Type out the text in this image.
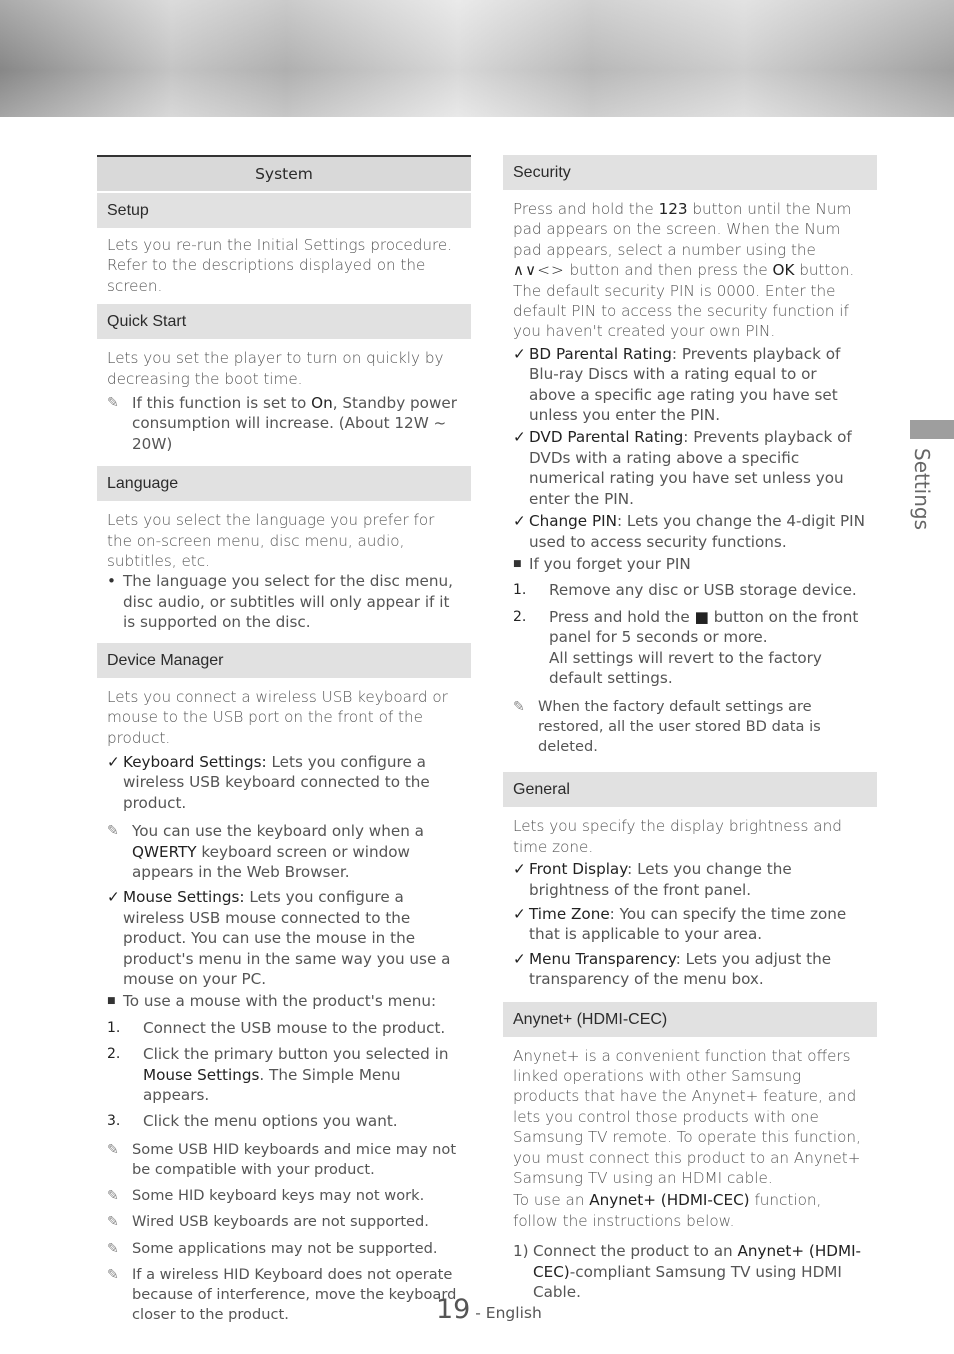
System
Setup

Lets you re-run the Initial Settings procedure.

Refer to the descriptions displayed on the screen.

Quick Start

Lets you set the player to turn on quickly by decreasing the boot time.

✎ If this function is set to On, Standby power consumption will increase. (About 12W ~ 20W)
Language

Lets you select the language you prefer for the on-screen menu, disc menu, audio, subtitles, etc.

• The language you select for the disc menu, disc audio, or subtitles will only appear if it is supported on the disc.
Device Manager

Lets you connect a wireless USB keyboard or mouse to the USB port on the front of the product.

✓ Keyboard Settings: Lets you configure a wireless USB keyboard connected to the product.
✎ You can use the keyboard only when a QWERTY keyboard screen or window appears in the Web Browser.
✓ Mouse Settings: Lets you configure a wireless USB mouse connected to the product. You can use the mouse in the product's menu in the same way you use a mouse on your PC.
■ To use a mouse with the product's menu:
1.	Connect the USB mouse to the product.
2.	Click the primary button you selected in Mouse Settings. The Simple Menu appears.
3.	Click the menu options you want.
✎ Some USB HID keyboards and mice may not be compatible with your product.
✎ Some HID keyboard keys may not work.
✎ Wired USB keyboards are not supported.
✎ Some applications may not be supported.
✎ If a wireless HID Keyboard does not operate because of interference, move the keyboard closer to the product.
Security

Press and hold the 123 button until the Num pad appears on the screen. When the Num pad appears, select a number using the ∧∨<> button and then press the OK button. The default security PIN is 0000. Enter the default PIN to access the security function if you haven't created your own PIN.

✓ BD Parental Rating: Prevents playback of Blu-ray Discs with a rating equal to or above a specific age rating you have set unless you enter the PIN.
✓ DVD Parental Rating: Prevents playback of DVDs with a rating above a specific numerical rating you have set unless you enter the PIN.
✓ Change PIN: Lets you change the 4-digit PIN used to access security functions.
■ If you forget your PIN
1.	Remove any disc or USB storage device.
2.	Press and hold the ■ button on the front panel for 5 seconds or more.
All settings will revert to the factory default settings.
✎ When the factory default settings are restored, all the user stored BD data is deleted.
General

Lets you specify the display brightness and time zone.

✓ Front Display: Lets you change the brightness of the front panel.
✓ Time Zone: You can specify the time zone that is applicable to your area.
✓ Menu Transparency: Lets you adjust the transparency of the menu box.
Anynet+ (HDMI-CEC)

Anynet+ is a convenient function that offers linked operations with other Samsung products that have the Anynet+ feature, and lets you control those products with one Samsung TV remote. To operate this function, you must connect this product to an Anynet+ Samsung TV using an HDMI cable.

To use an Anynet+ (HDMI-CEC) function, follow the instructions below.

1) Connect the product to an Anynet+ (HDMI-CEC)-compliant Samsung TV using HDMI Cable.
Settings
19 - English
